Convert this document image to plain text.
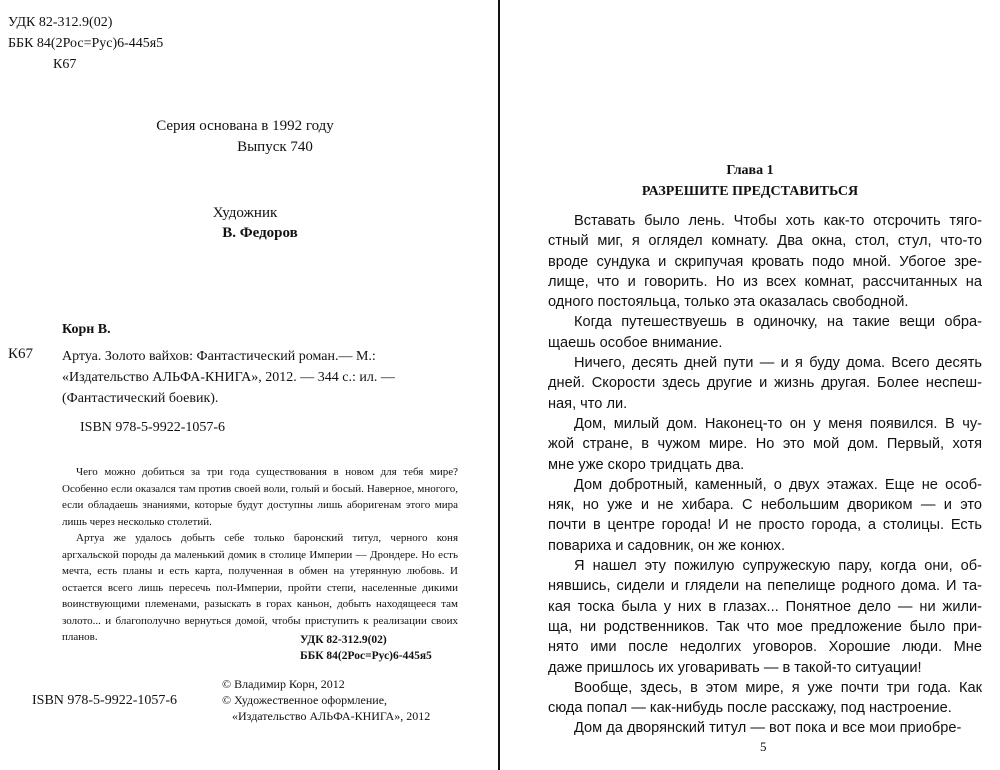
УДК 82-312.9(02)
ББК 84(2Рос=Рус)6-445я5
К67
Серия основана в 1992 году
Выпуск 740
Художник
В. Федоров
Корн В.
К67 Артуа. Золото вайхов: Фантастический роман.— М.: «Издательство АЛЬФА-КНИГА», 2012. — 344 с.: ил. — (Фантастический боевик).
ISBN 978-5-9922-1057-6

Чего можно добиться за три года существования в новом для тебя мире? Особенно если оказался там против своей воли, голый и босый. Наверное, многого, если обладаешь знаниями, которые будут доступны лишь аборигенам этого мира лишь через несколько столетий.

Артуа же удалось добыть себе только баронский титул, черного коня аргхальской породы да маленький домик в столице Империи — Дрондере. Но есть мечта, есть планы и есть карта, полученная в обмен на утерянную любовь. И остается всего лишь пересечь пол-Империи, пройти степи, населенные дикими воинствующими племенами, разыскать в горах каньон, добыть находящееся там золото... и благополучно вернуться домой, чтобы приступить к реализации своих планов.	УДК 82-312.9(02)
ББК 84(2Рос=Рус)6-445я5
© Владимир Корн, 2012
© Художественное оформление,
«Издательство АЛЬФА-КНИГА», 2012
ISBN 978-5-9922-1057-6
Глава 1
РАЗРЕШИТЕ ПРЕДСТАВИТЬСЯ
Вставать было лень. Чтобы хоть как-то отсрочить тяго-
стный миг, я оглядел комнату. Два окна, стол, стул, что-то
вроде сундука и скрипучая кровать подо мной. Убогое зре-
лище, что и говорить. Но из всех комнат, рассчитанных на
одного постояльца, только эта оказалась свободной.
Когда путешествуешь в одиночку, на такие вещи обра-
щаешь особое внимание.
Ничего, десять дней пути — и я буду дома. Всего десять
дней. Скорости здесь другие и жизнь другая. Более неспеш-
ная, что ли.
Дом, милый дом. Наконец-то он у меня появился. В чу-
жой стране, в чужом мире. Но это мой дом. Первый, хотя
мне уже скоро тридцать два.
Дом добротный, каменный, о двух этажах. Еще не особ-
няк, но уже и не хибара. С небольшим двориком — и это
почти в центре города! И не просто города, а столицы. Есть
повариха и садовник, он же конюх.
Я нашел эту пожилую супружескую пару, когда они, об-
нявшись, сидели и глядели на пепелище родного дома. И та-
кая тоска была у них в глазах... Понятное дело — ни жили-
ща, ни родственников. Так что мое предложение было при-
нято ими после недолгих уговоров. Хорошие люди. Мне
даже пришлось их уговаривать — в такой-то ситуации!
Вообще, здесь, в этом мире, я уже почти три года. Как
сюда попал — как-нибудь после расскажу, под настроение.
Дом да дворянский титул — вот пока и все мои приобре-
5
